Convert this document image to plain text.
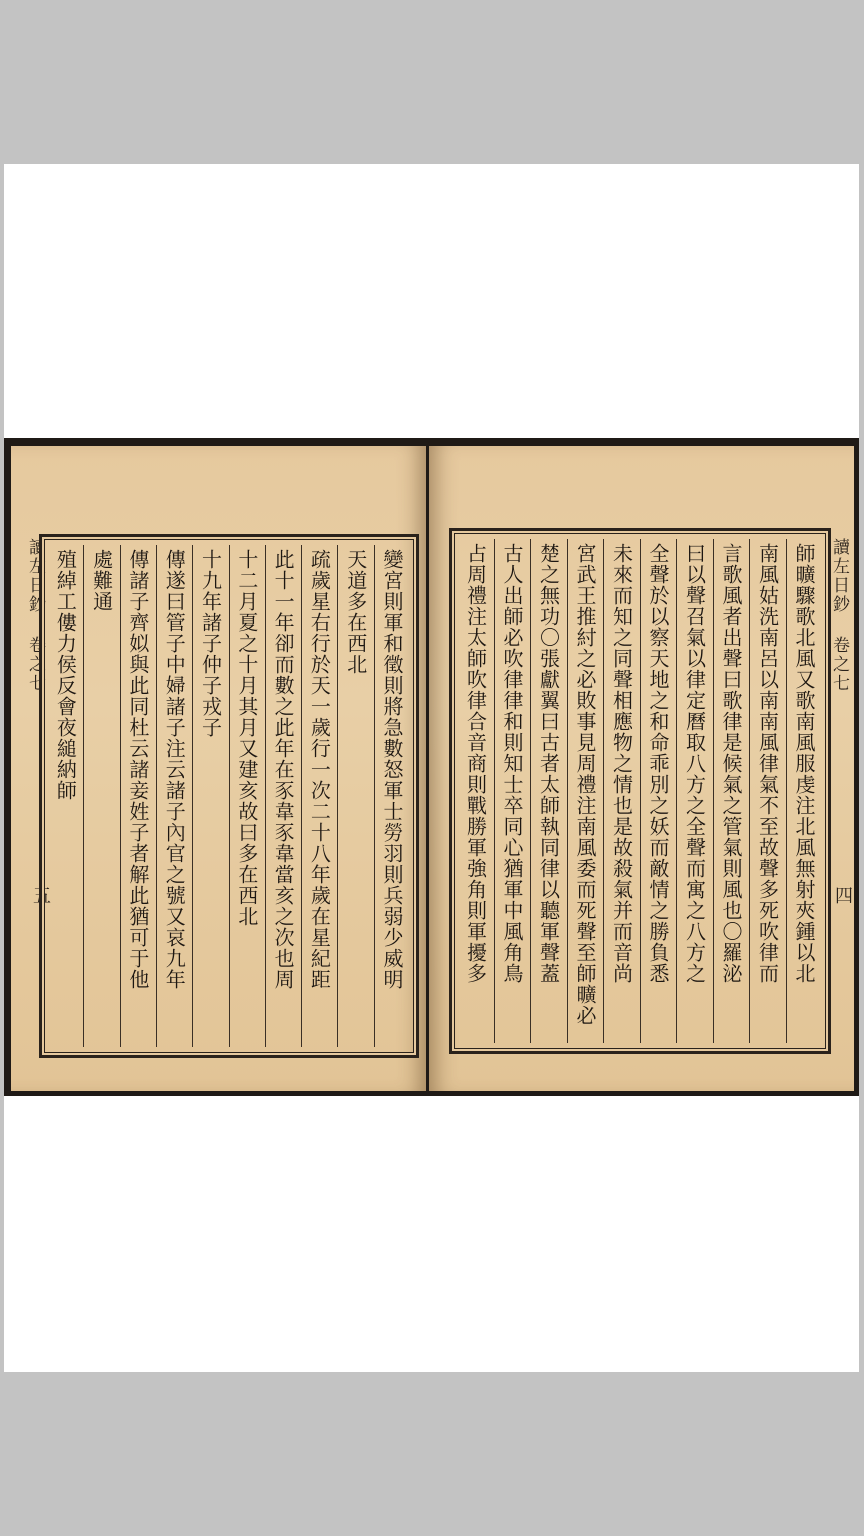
讀左日鈔 卷之七
五	變宮則軍和徵則將急數怒軍士勞羽則兵弱少威明
天道多在西北
疏歲星右行於天一歲行一次二十八年歲在星紀距
此十一年卻而數之此年在豕韋豕韋當亥之次也周
十二月夏之十月其月又建亥故曰多在西北
十九年諸子仲子戎子
傳遂曰管子中婦諸子注云諸子內官之號又哀九年
傳諸子齊姒與此同杜云諸妾姓子者解此猶可于他
處難通
殖綽工僂力侯反會夜縋納師	讀左日鈔 卷之七
四
師曠驟歌北風又歌南風服虔注北風無射夾鍾以北
南風姑洗南呂以南南風律氣不至故聲多死吹律而
言歌風者出聲曰歌律是候氣之管氣則風也〇羅泌
曰以聲召氣以律定曆取八方之全聲而寓之八方之
全聲於以察天地之和命乖別之妖而敵情之勝負悉
未來而知之同聲相應物之情也是故殺氣并而音尚
宮武王推紂之必敗事見周禮注南風委而死聲至師曠必
楚之無功〇張獻翼曰古者太師執同律以聽軍聲蓋
古人出師必吹律律和則知士卒同心猶軍中風角鳥
占周禮注太師吹律合音商則戰勝軍強角則軍擾多
